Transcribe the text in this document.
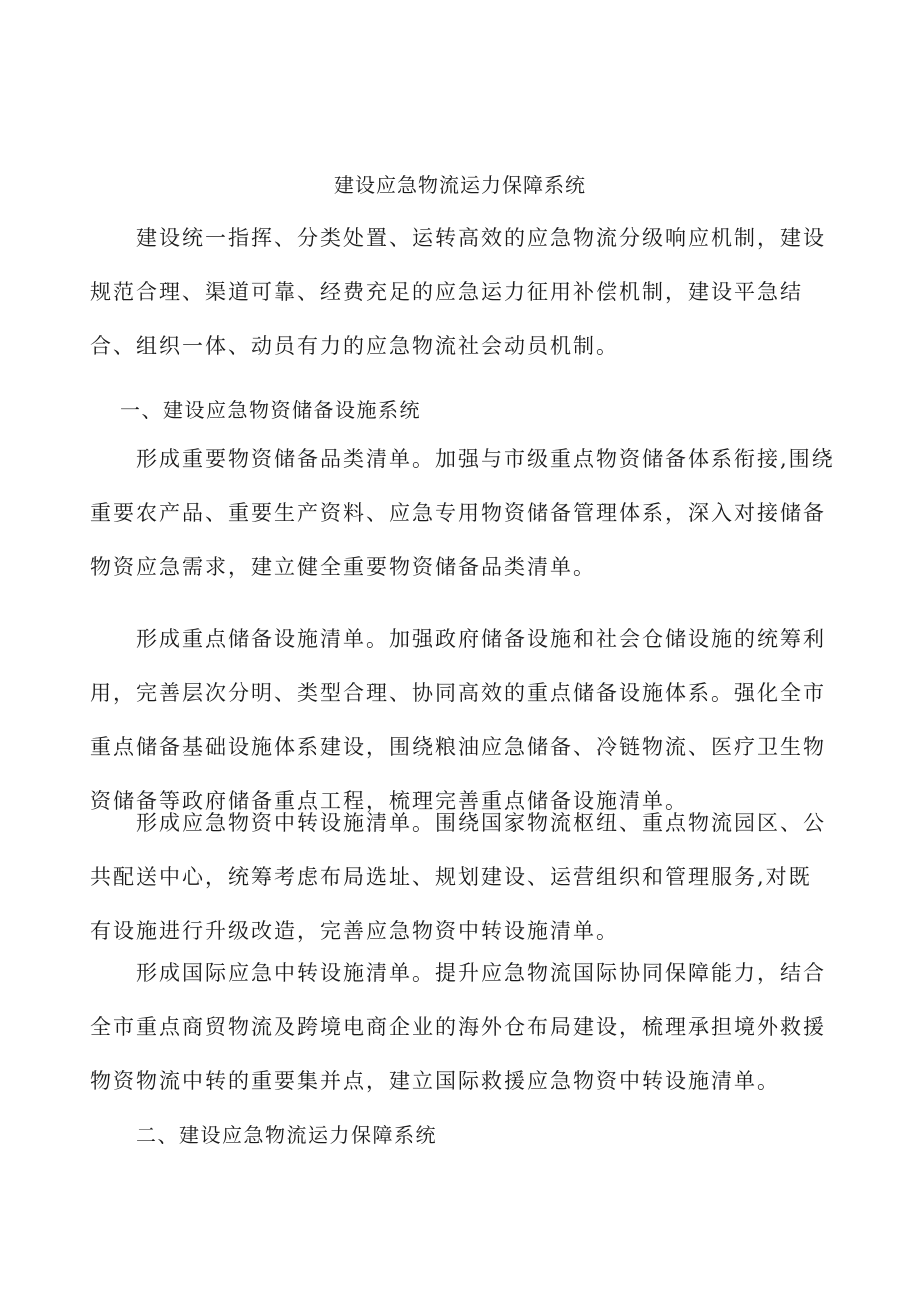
建设应急物流运力保障系统
建设统一指挥、分类处置、运转高效的应急物流分级响应机制，建设
规范合理、渠道可靠、经费充足的应急运力征用补偿机制，建设平急结
合、组织一体、动员有力的应急物流社会动员机制。
一、建设应急物资储备设施系统
形成重要物资储备品类清单。加强与市级重点物资储备体系衔接,围绕
重要农产品、重要生产资料、应急专用物资储备管理体系，深入对接储备
物资应急需求，建立健全重要物资储备品类清单。
形成重点储备设施清单。加强政府储备设施和社会仓储设施的统筹利
用，完善层次分明、类型合理、协同高效的重点储备设施体系。强化全市
重点储备基础设施体系建设，围绕粮油应急储备、冷链物流、医疗卫生物
资储备等政府储备重点工程，梳理完善重点储备设施清单。
形成应急物资中转设施清单。围绕国家物流枢纽、重点物流园区、公
共配送中心，统筹考虑布局选址、规划建设、运营组织和管理服务,对既
有设施进行升级改造，完善应急物资中转设施清单。
形成国际应急中转设施清单。提升应急物流国际协同保障能力，结合
全市重点商贸物流及跨境电商企业的海外仓布局建设，梳理承担境外救援
物资物流中转的重要集并点，建立国际救援应急物资中转设施清单。
二、建设应急物流运力保障系统
